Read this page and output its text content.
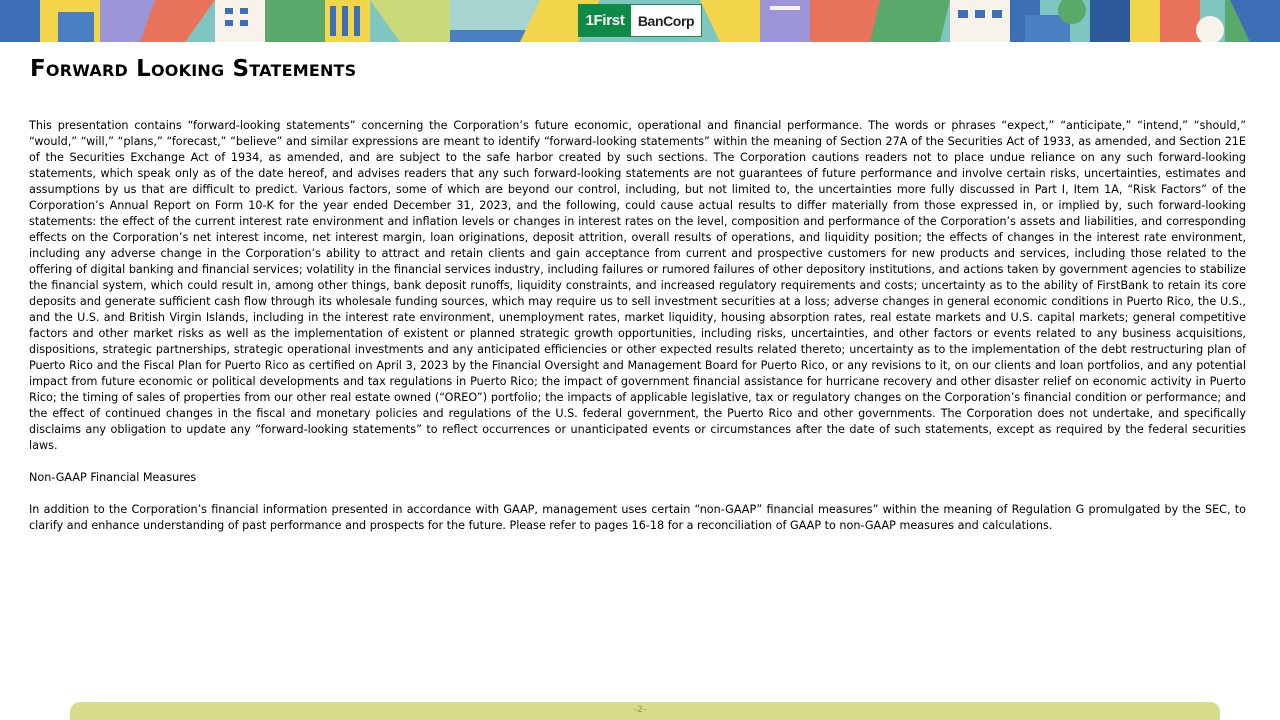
1First BanCorp
Forward Looking Statements

This presentation contains “forward-looking statements” concerning the Corporation’s future economic, operational and financial performance. The words or phrases “expect,” “anticipate,” “intend,” “should,” “would,” “will,” “plans,” “forecast,” “believe” and similar expressions are meant to identify “forward-looking statements” within the meaning of Section 27A of the Securities Act of 1933, as amended, and Section 21E of the Securities Exchange Act of 1934, as amended, and are subject to the safe harbor created by such sections. The Corporation cautions readers not to place undue reliance on any such forward-looking statements, which speak only as of the date hereof, and advises readers that any such forward-looking statements are not guarantees of future performance and involve certain risks, uncertainties, estimates and assumptions by us that are difficult to predict. Various factors, some of which are beyond our control, including, but not limited to, the uncertainties more fully discussed in Part I, Item 1A, “Risk Factors” of the Corporation’s Annual Report on Form 10-K for the year ended December 31, 2023, and the following, could cause actual results to differ materially from those expressed in, or implied by, such forward-looking statements: the effect of the current interest rate environment and inflation levels or changes in interest rates on the level, composition and performance of the Corporation’s assets and liabilities, and corresponding effects on the Corporation’s net interest income, net interest margin, loan originations, deposit attrition, overall results of operations, and liquidity position; the effects of changes in the interest rate environment, including any adverse change in the Corporation’s ability to attract and retain clients and gain acceptance from current and prospective customers for new products and services, including those related to the offering of digital banking and financial services; volatility in the financial services industry, including failures or rumored failures of other depository institutions, and actions taken by government agencies to stabilize the financial system, which could result in, among other things, bank deposit runoffs, liquidity constraints, and increased regulatory requirements and costs; uncertainty as to the ability of FirstBank to retain its core deposits and generate sufficient cash flow through its wholesale funding sources, which may require us to sell investment securities at a loss; adverse changes in general economic conditions in Puerto Rico, the U.S., and the U.S. and British Virgin Islands, including in the interest rate environment, unemployment rates, market liquidity, housing absorption rates, real estate markets and U.S. capital markets; general competitive factors and other market risks as well as the implementation of existent or planned strategic growth opportunities, including risks, uncertainties, and other factors or events related to any business acquisitions, dispositions, strategic partnerships, strategic operational investments and any anticipated efficiencies or other expected results related thereto; uncertainty as to the implementation of the debt restructuring plan of Puerto Rico and the Fiscal Plan for Puerto Rico as certified on April 3, 2023 by the Financial Oversight and Management Board for Puerto Rico, or any revisions to it, on our clients and loan portfolios, and any potential impact from future economic or political developments and tax regulations in Puerto Rico; the impact of government financial assistance for hurricane recovery and other disaster relief on economic activity in Puerto Rico; the timing of sales of properties from our other real estate owned (“OREO”) portfolio; the impacts of applicable legislative, tax or regulatory changes on the Corporation’s financial condition or performance; and the effect of continued changes in the fiscal and monetary policies and regulations of the U.S. federal government, the Puerto Rico and other governments. The Corporation does not undertake, and specifically disclaims any obligation to update any “forward-looking statements” to reflect occurrences or unanticipated events or circumstances after the date of such statements, except as required by the federal securities laws.

Non-GAAP Financial Measures

In addition to the Corporation’s financial information presented in accordance with GAAP, management uses certain “non-GAAP” financial measures” within the meaning of Regulation G promulgated by the SEC, to clarify and enhance understanding of past performance and prospects for the future. Please refer to pages 16-18 for a reconciliation of GAAP to non-GAAP measures and calculations.

-2-
